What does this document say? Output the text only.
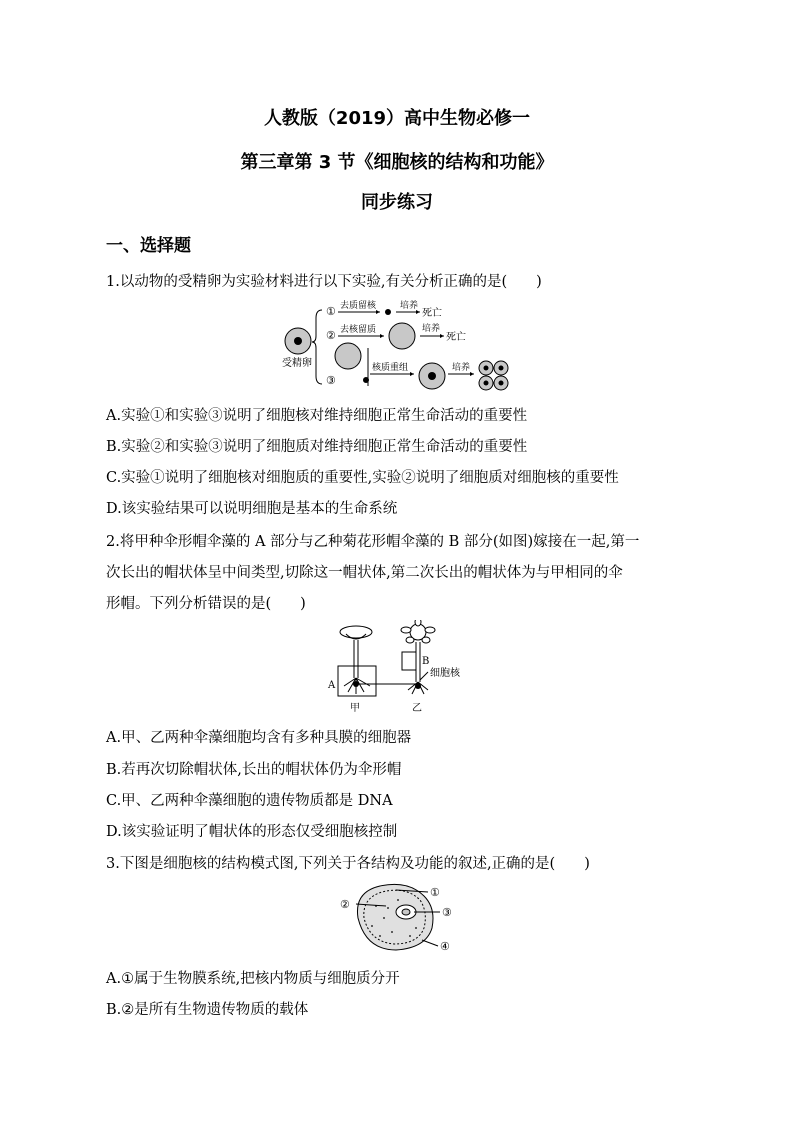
人教版（2019）高中生物必修一
第三章第 3 节《细胞核的结构和功能》
同步练习
一、选择题
1.以动物的受精卵为实验材料进行以下实验,有关分析正确的是(　　)
受精卵
① 去质留核	培养
死亡
② 去核留质	培养
死亡
③
核质重组	培养
A.实验①和实验③说明了细胞核对维持细胞正常生命活动的重要性
B.实验②和实验③说明了细胞质对维持细胞正常生命活动的重要性
C.实验①说明了细胞核对细胞质的重要性,实验②说明了细胞质对细胞核的重要性
D.该实验结果可以说明细胞是基本的生命系统
2.将甲种伞形帽伞藻的 A 部分与乙种菊花形帽伞藻的 B 部分(如图)嫁接在一起,第一
次长出的帽状体呈中间类型,切除这一帽状体,第二次长出的帽状体为与甲相同的伞
形帽。下列分析错误的是(　　)
A
甲
B
细胞核
乙
A.甲、乙两种伞藻细胞均含有多种具膜的细胞器
B.若再次切除帽状体,长出的帽状体仍为伞形帽
C.甲、乙两种伞藻细胞的遗传物质都是 DNA
D.该实验证明了帽状体的形态仅受细胞核控制
3.下图是细胞核的结构模式图,下列关于各结构及功能的叙述,正确的是(　　)
①
②
③
④
A.①属于生物膜系统,把核内物质与细胞质分开
B.②是所有生物遗传物质的载体
